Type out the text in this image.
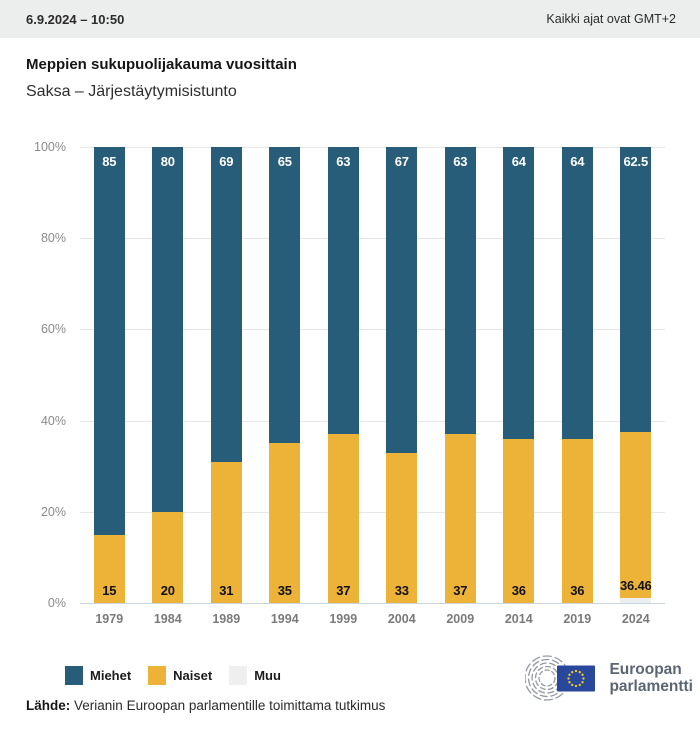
6.9.2024 – 10:50	Kaikki ajat ovat GMT+2
Meppien sukupuolijakauma vuosittain
Saksa – Järjestäytymisistunto
100%
80%
60%
40%
20%
0%
85
15
1979
80
20
1984
69
31
1989
65
35
1994
63
37
1999
67
33
2004
63
37
2009
64
36
2014
64
36
2019
62.5
36.46
2024
Miehet	Naiset	Muu
Lähde: Verianin Euroopan parlamentille toimittama tutkimus
Euroopan
parlamentti
